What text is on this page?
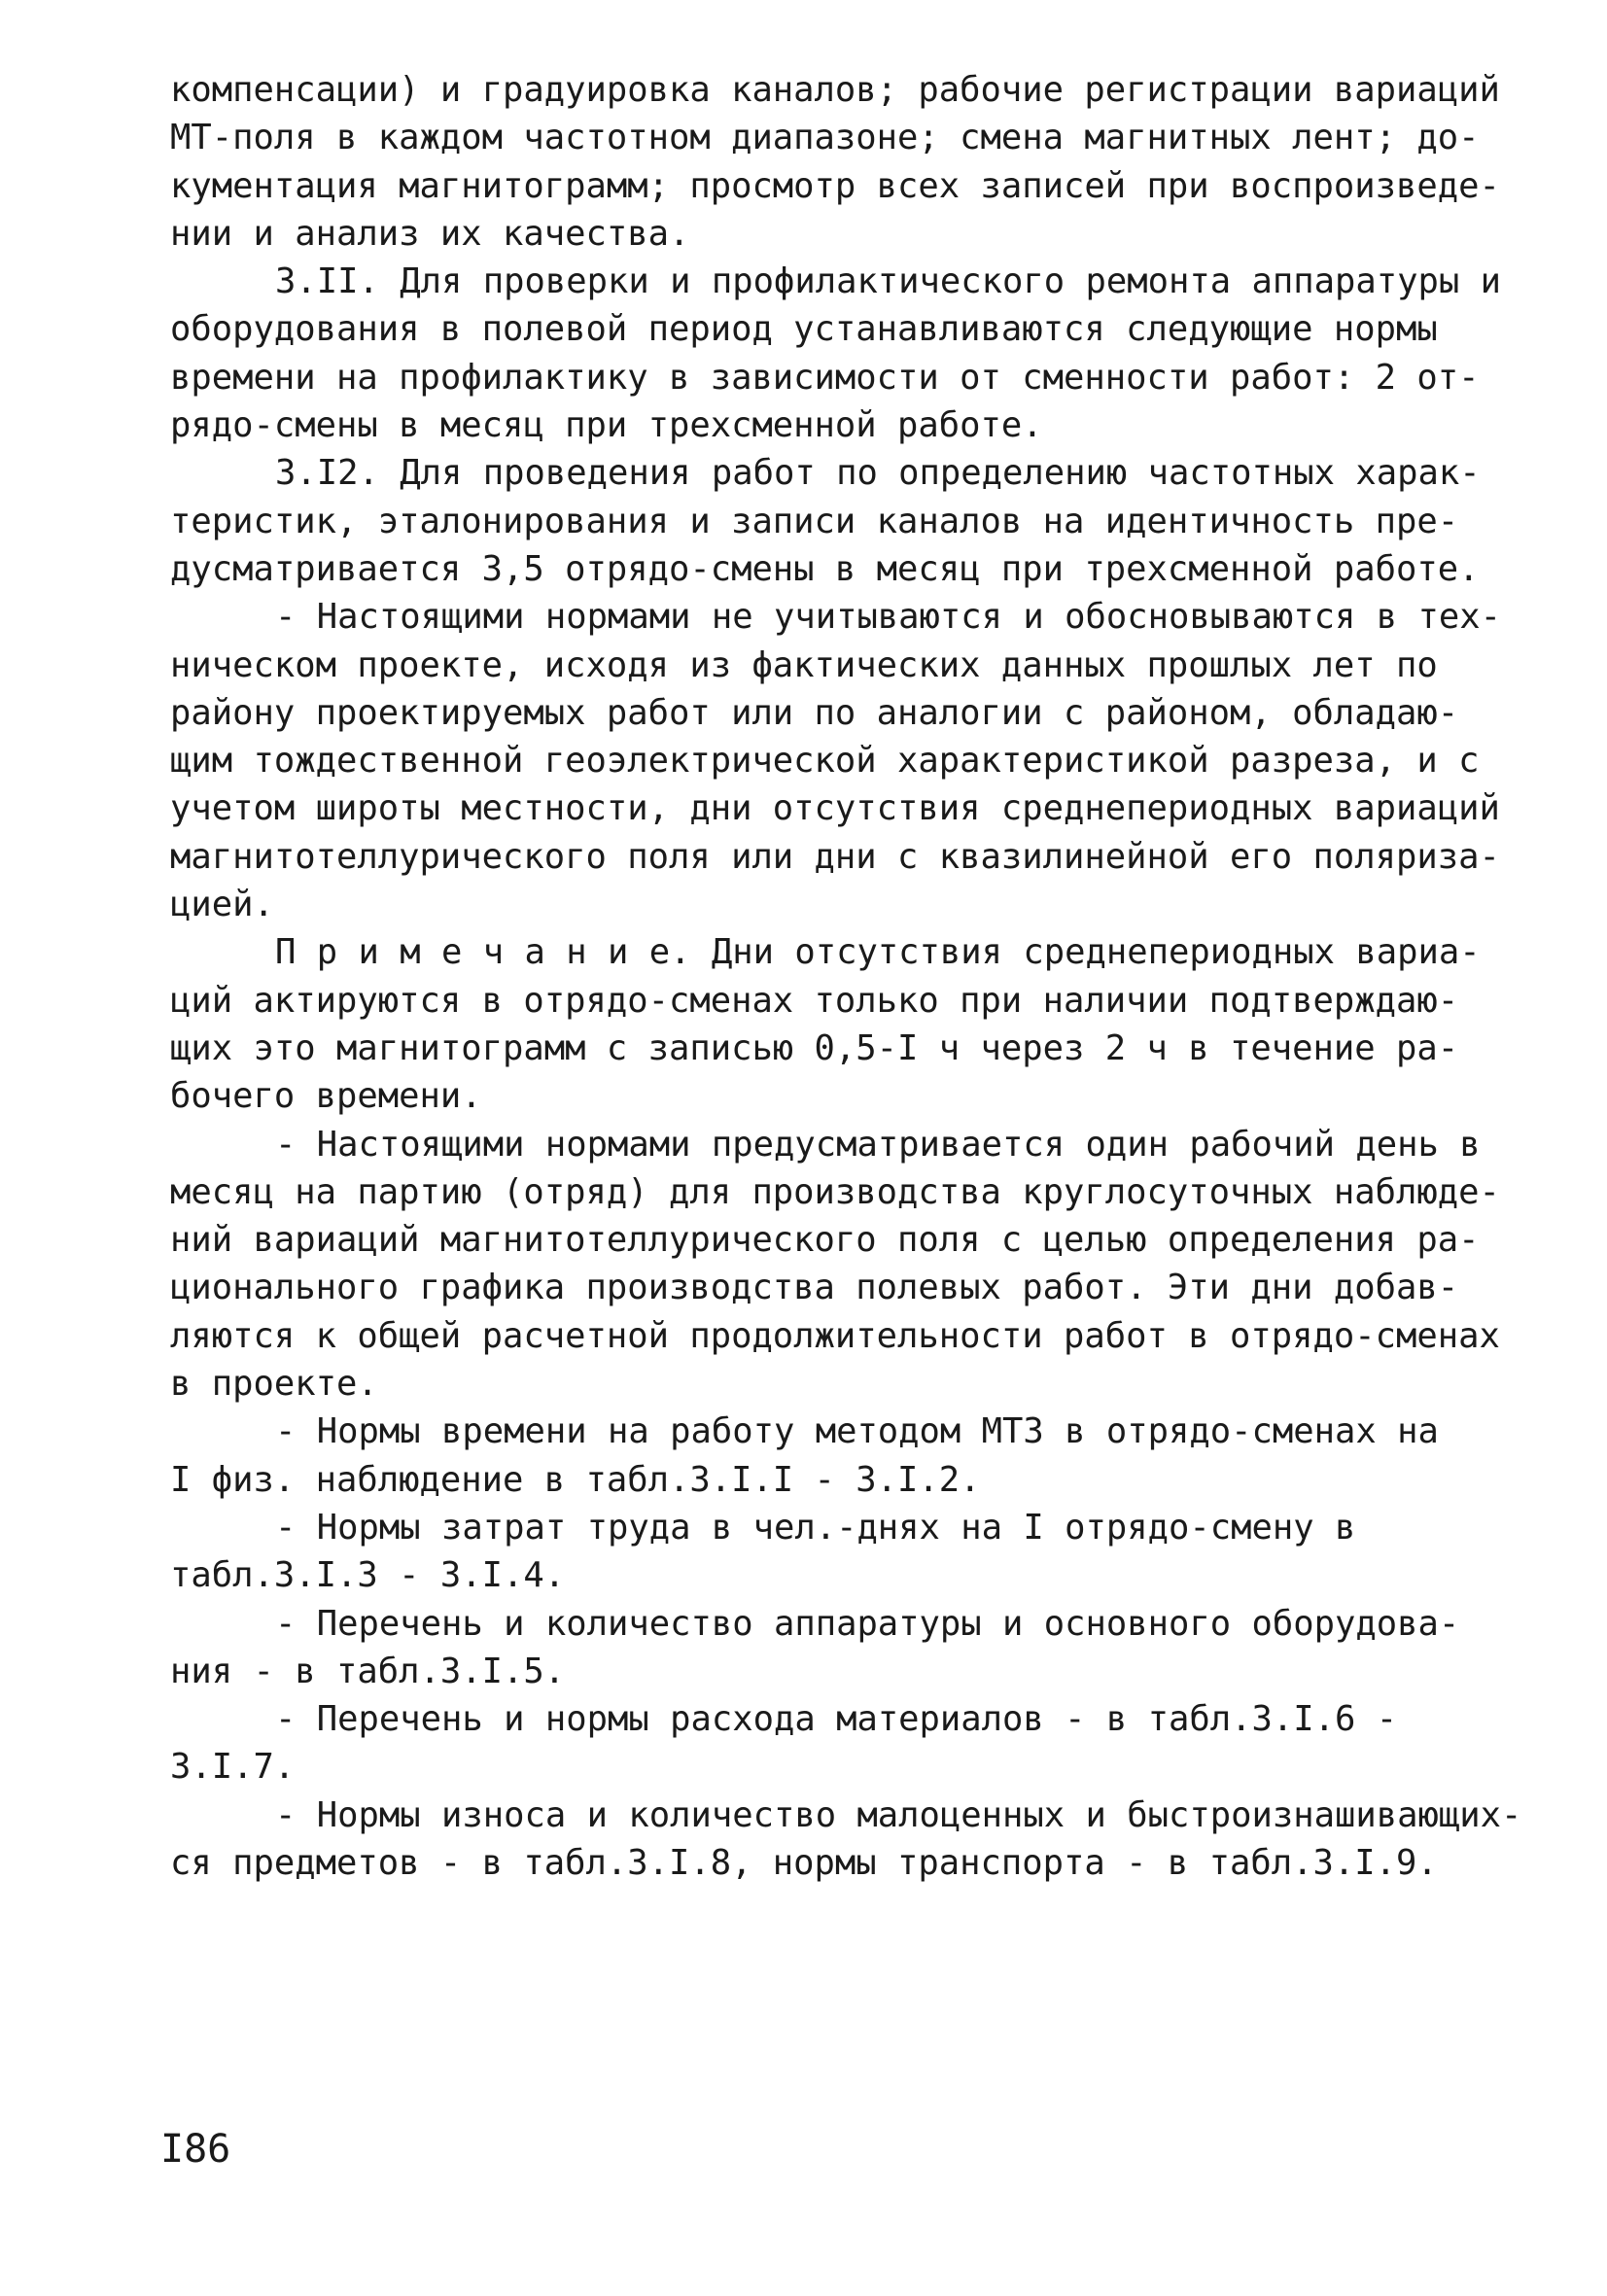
компенсации) и градуировка каналов; рабочие регистрации вариаций
МТ-поля в каждом частотном диапазоне; смена магнитных лент; до-
кументация магнитограмм; просмотр всех записей при воспроизведе-
нии и анализ их качества.
3.II. Для проверки и профилактического ремонта аппаратуры и
оборудования в полевой период устанавливаются следующие нормы
времени на профилактику в зависимости от сменности работ: 2 от-
рядо-смены в месяц при трехсменной работе.
3.I2. Для проведения работ по определению частотных харак-
теристик, эталонирования и записи каналов на идентичность пре-
дусматривается 3,5 отрядо-смены в месяц при трехсменной работе.
- Настоящими нормами не учитываются и обосновываются в тех-
ническом проекте, исходя из фактических данных прошлых лет по
району проектируемых работ или по аналогии с районом, обладаю-
щим тождественной геоэлектрической характеристикой разреза, и с
учетом широты местности, дни отсутствия среднепериодных вариаций
магнитотеллурического поля или дни с квазилинейной его поляриза-
цией.
П р и м е ч а н и е. Дни отсутствия среднепериодных вариа-
ций актируются в отрядо-сменах только при наличии подтверждаю-
щих это магнитограмм с записью 0,5-I ч через 2 ч в течение ра-
бочего времени.
- Настоящими нормами предусматривается один рабочий день в
месяц на партию (отряд) для производства круглосуточных наблюде-
ний вариаций магнитотеллурического поля с целью определения ра-
ционального графика производства полевых работ. Эти дни добав-
ляются к общей расчетной продолжительности работ в отрядо-сменах
в проекте.
- Нормы времени на работу методом МТЗ в отрядо-сменах на
I физ. наблюдение в табл.3.I.I - 3.I.2.
- Нормы затрат труда в чел.-днях на I отрядо-смену в
табл.3.I.3 - 3.I.4.
- Перечень и количество аппаратуры и основного оборудова-
ния - в табл.3.I.5.
- Перечень и нормы расхода материалов - в табл.3.I.6 -
3.I.7.
- Нормы износа и количество малоценных и быстроизнашивающих-
ся предметов - в табл.3.I.8, нормы транспорта - в табл.3.I.9.
I86
